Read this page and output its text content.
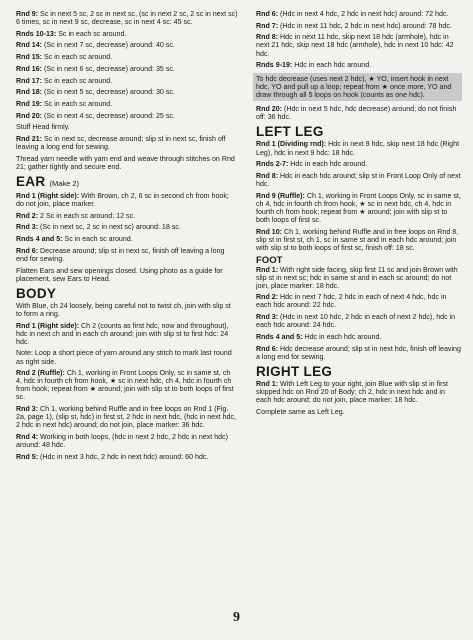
Rnd 9: Sc in next 5 sc, 2 sc in next sc, (sc in next 2 sc, 2 sc in next sc) 6 times, sc in next 9 sc, decrease, sc in next 4 sc: 45 sc.

Rnds 10-13: Sc in each sc around.

Rnd 14: (Sc in next 7 sc, decrease) around: 40 sc.

Rnd 15: Sc in each sc around.

Rnd 16: (Sc in next 6 sc, decrease) around: 35 sc.

Rnd 17: Sc in each sc around.

Rnd 18: (Sc in next 5 sc, decrease) around: 30 sc.

Rnd 19: Sc in each sc around.

Rnd 20: (Sc in next 4 sc, decrease) around: 25 sc.

Stuff Head firmly.

Rnd 21: Sc in next sc, decrease around; slip st in next sc, finish off leaving a long end for sewing.

Thread yarn needle with yarn end and weave through stitches on Rnd 21; gather tightly and secure end.

EAR (Make 2)

Rnd 1 (Right side): With Brown, ch 2, 6 sc in second ch from hook; do not join, place marker.

Rnd 2: 2 Sc in each sc around: 12 sc.

Rnd 3: (Sc in next sc, 2 sc in next sc) around: 18 sc.

Rnds 4 and 5: Sc in each sc around.

Rnd 6: Decrease around; slip st in next sc, finish off leaving a long end for sewing.

Flatten Ears and sew openings closed. Using photo as a guide for placement, sew Ears to Head.

BODY

With Blue, ch 24 loosely, being careful not to twist ch, join with slip st to form a ring.

Rnd 1 (Right side): Ch 2 (counts as first hdc, now and throughout), hdc in next ch and in each ch around; join with slip st to first hdc: 24 hdc.

Note: Loop a short piece of yarn around any stitch to mark last round as right side.

Rnd 2 (Ruffle): Ch 1, working in Front Loops Only, sc in same st, ch 4, hdc in fourth ch from hook, ★ sc in next hdc, ch 4, hdc in fourth ch from hook; repeat from ★ around; join with slip st to both loops of first sc.

Rnd 3: Ch 1, working behind Ruffle and in free loops on Rnd 1 (Fig. 2a, page 1), (slip st, hdc) in first st, 2 hdc in next hdc, (hdc in next hdc, 2 hdc in next hdc) around; do not join, place marker: 36 hdc.

Rnd 4: Working in both loops, (hdc in next 2 hdc, 2 hdc in next hdc) around: 48 hdc.

Rnd 5: (Hdc in next 3 hdc, 2 hdc in next hdc) around: 60 hdc.

Rnd 6: (Hdc in next 4 hdc, 2 hdc in next hdc) around: 72 hdc.

Rnd 7: (Hdc in next 11 hdc, 2 hdc in next hdc) around: 78 hdc.

Rnd 8: Hdc in next 11 hdc, skip next 18 hdc (armhole), hdc in next 21 hdc, skip next 18 hdc (armhole), hdc in next 10 hdc: 42 hdc.

Rnds 9-19: Hdc in each hdc around.

To hdc decrease (uses next 2 hdc), ★ YO, insert hook in next hdc, YO and pull up a loop; repeat from ★ once more, YO and draw through all 5 loops on hook (counts as one hdc).

Rnd 20: (Hdc in next 5 hdc, hdc decrease) around; do not finish off: 36 hdc.

LEFT LEG

Rnd 1 (Dividing rnd): Hdc in next 9 hdc, skip next 18 hdc (Right Leg), hdc in next 9 hdc: 18 hdc.

Rnds 2-7: Hdc in each hdc around.

Rnd 8: Hdc in each hdc around; slip st in Front Loop Only of next hdc.

Rnd 9 (Ruffle): Ch 1, working in Front Loops Only, sc in same st, ch 4, hdc in fourth ch from hook, ★ sc in next hdc, ch 4, hdc in fourth ch from hook; repeat from ★ around; join with slip st to both loops of first sc.

Rnd 10: Ch 1, working behind Ruffle and in free loops on Rnd 8, slip st in first st, ch 1, sc in same st and in each hdc around; join with slip st to both loops of first sc, finish off: 18 sc.

FOOT

Rnd 1: With right side facing, skip first 11 sc and join Brown with slip st in next sc; hdc in same st and in each sc around; do not join, place marker: 18 hdc.

Rnd 2: Hdc in next 7 hdc, 2 hdc in each of next 4 hdc, hdc in each hdc around: 22 hdc.

Rnd 3: (Hdc in next 10 hdc, 2 hdc in each of next 2 hdc), hdc in each hdc around: 24 hdc.

Rnds 4 and 5: Hdc in each hdc around.

Rnd 6: Hdc decrease around; slip st in next hdc, finish off leaving a long end for sewing.

RIGHT LEG

Rnd 1: With Left Leg to your right, join Blue with slip st in first skipped hdc on Rnd 20 of Body; ch 2, hdc in next hdc and in each hdc around; do not join, place marker: 18 hdc.

Complete same as Left Leg.

9
